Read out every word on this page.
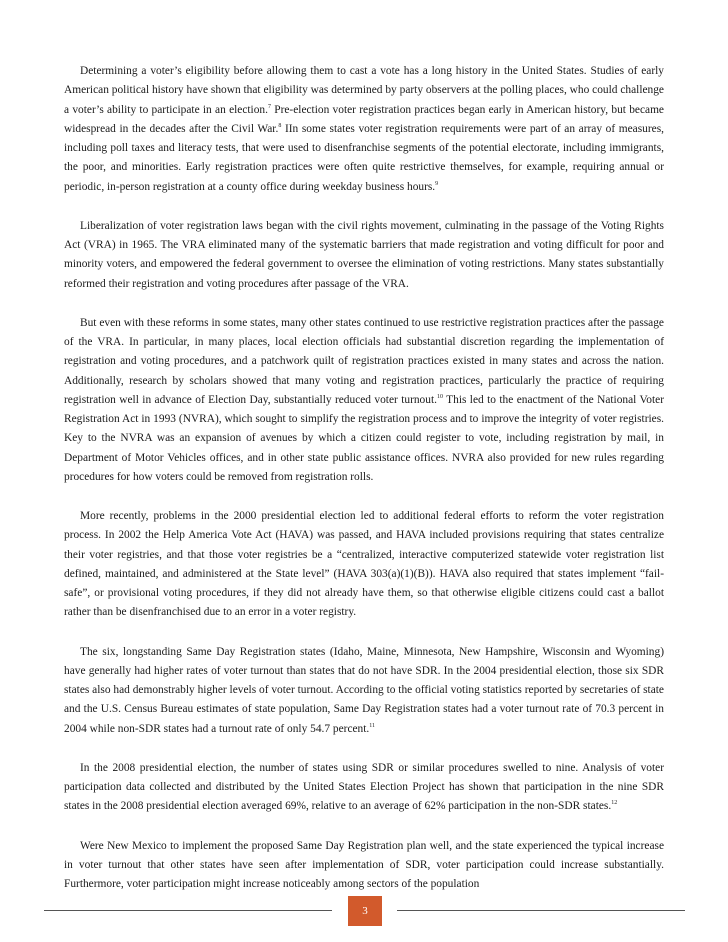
Determining a voter’s eligibility before allowing them to cast a vote has a long history in the United States. Studies of early American political history have shown that eligibility was determined by party observers at the polling places, who could challenge a voter’s ability to participate in an election.$^7$ Pre-election voter registration practices began early in American history, but became widespread in the decades after the Civil War.$^8$ IIn some states voter registration requirements were part of an array of measures, including poll taxes and literacy tests, that were used to disenfranchise segments of the potential electorate, including immigrants, the poor, and minorities. Early registration practices were often quite restrictive themselves, for example, requiring annual or periodic, in-person registration at a county office during weekday business hours.$^9$

Liberalization of voter registration laws began with the civil rights movement, culminating in the passage of the Voting Rights Act (VRA) in 1965. The VRA eliminated many of the systematic barriers that made registration and voting difficult for poor and minority voters, and empowered the federal government to oversee the elimination of voting restrictions. Many states substantially reformed their registration and voting procedures after passage of the VRA.

But even with these reforms in some states, many other states continued to use restrictive registration practices after the passage of the VRA. In particular, in many places, local election officials had substantial discretion regarding the implementation of registration and voting procedures, and a patchwork quilt of registration practices existed in many states and across the nation. Additionally, research by scholars showed that many voting and registration practices, particularly the practice of requiring registration well in advance of Election Day, substantially reduced voter turnout.$^{10}$ This led to the enactment of the National Voter Registration Act in 1993 (NVRA), which sought to simplify the registration process and to improve the integrity of voter registries. Key to the NVRA was an expansion of avenues by which a citizen could register to vote, including registration by mail, in Department of Motor Vehicles offices, and in other state public assistance offices. NVRA also provided for new rules regarding procedures for how voters could be removed from registration rolls.

More recently, problems in the 2000 presidential election led to additional federal efforts to reform the voter registration process. In 2002 the Help America Vote Act (HAVA) was passed, and HAVA included provisions requiring that states centralize their voter registries, and that those voter registries be a “centralized, interactive computerized statewide voter registration list defined, maintained, and administered at the State level” (HAVA 303(a)(1)(B)). HAVA also required that states implement “fail-safe”, or provisional voting procedures, if they did not already have them, so that otherwise eligible citizens could cast a ballot rather than be disenfranchised due to an error in a voter registry.

The six, longstanding Same Day Registration states (Idaho, Maine, Minnesota, New Hampshire, Wisconsin and Wyoming) have generally had higher rates of voter turnout than states that do not have SDR. In the 2004 presidential election, those six SDR states also had demonstrably higher levels of voter turnout. According to the official voting statistics reported by secretaries of state and the U.S. Census Bureau estimates of state population, Same Day Registration states had a voter turnout rate of 70.3 percent in 2004 while non-SDR states had a turnout rate of only 54.7 percent.$^{11}$

In the 2008 presidential election, the number of states using SDR or similar procedures swelled to nine. Analysis of voter participation data collected and distributed by the United States Election Project has shown that participation in the nine SDR states in the 2008 presidential election averaged 69%, relative to an average of 62% participation in the non-SDR states.$^{12}$

Were New Mexico to implement the proposed Same Day Registration plan well, and the state experienced the typical increase in voter turnout that other states have seen after implementation of SDR, voter participation could increase substantially. Furthermore, voter participation might increase noticeably among sectors of the population

3
